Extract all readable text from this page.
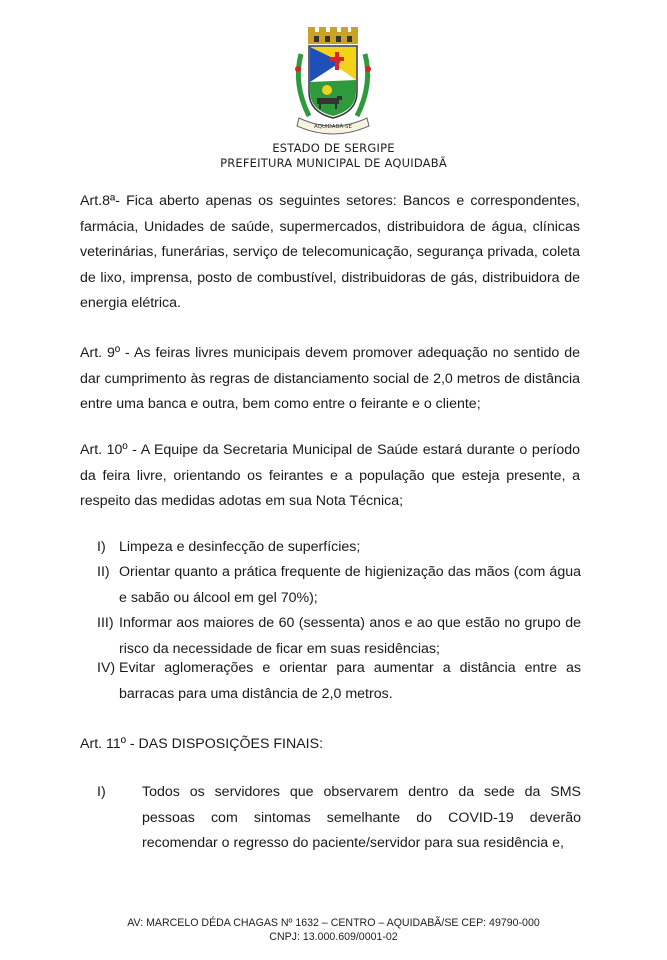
AQUIDABÃ-SE
ESTADO DE SERGIPE
PREFEITURA MUNICIPAL DE AQUIDABÃ
Art.8ª- Fica aberto apenas os seguintes setores: Bancos e correspondentes, farmácia, Unidades de saúde, supermercados, distribuidora de água, clínicas veterinárias, funerárias, serviço de telecomunicação, segurança privada, coleta de lixo, imprensa, posto de combustível, distribuidoras de gás, distribuidora de energia elétrica.
Art. 9º - As feiras livres municipais devem promover adequação no sentido de dar cumprimento às regras de distanciamento social de 2,0 metros de distância entre uma banca e outra, bem como entre o feirante e o cliente;
Art. 10º - A Equipe da Secretaria Municipal de Saúde estará durante o período da feira livre, orientando os feirantes e a população que esteja presente, a respeito das medidas adotas em sua Nota Técnica;
I) Limpeza e desinfecção de superfícies;
II) Orientar quanto a prática frequente de higienização das mãos (com água e sabão ou álcool em gel 70%);
III) Informar aos maiores de 60 (sessenta) anos e ao que estão no grupo de risco da necessidade de ficar em suas residências;
IV) Evitar aglomerações e orientar para aumentar a distância entre as barracas para uma distância de 2,0 metros.
Art. 11º - DAS DISPOSIÇÕES FINAIS:
I)	Todos os servidores que observarem dentro da sede da SMS pessoas com sintomas semelhante do COVID-19 deverão recomendar o regresso do paciente/servidor para sua residência e,
AV: MARCELO DÉDA CHAGAS Nº 1632 – CENTRO – AQUIDABÃ/SE CEP: 49790-000
CNPJ: 13.000.609/0001-02
